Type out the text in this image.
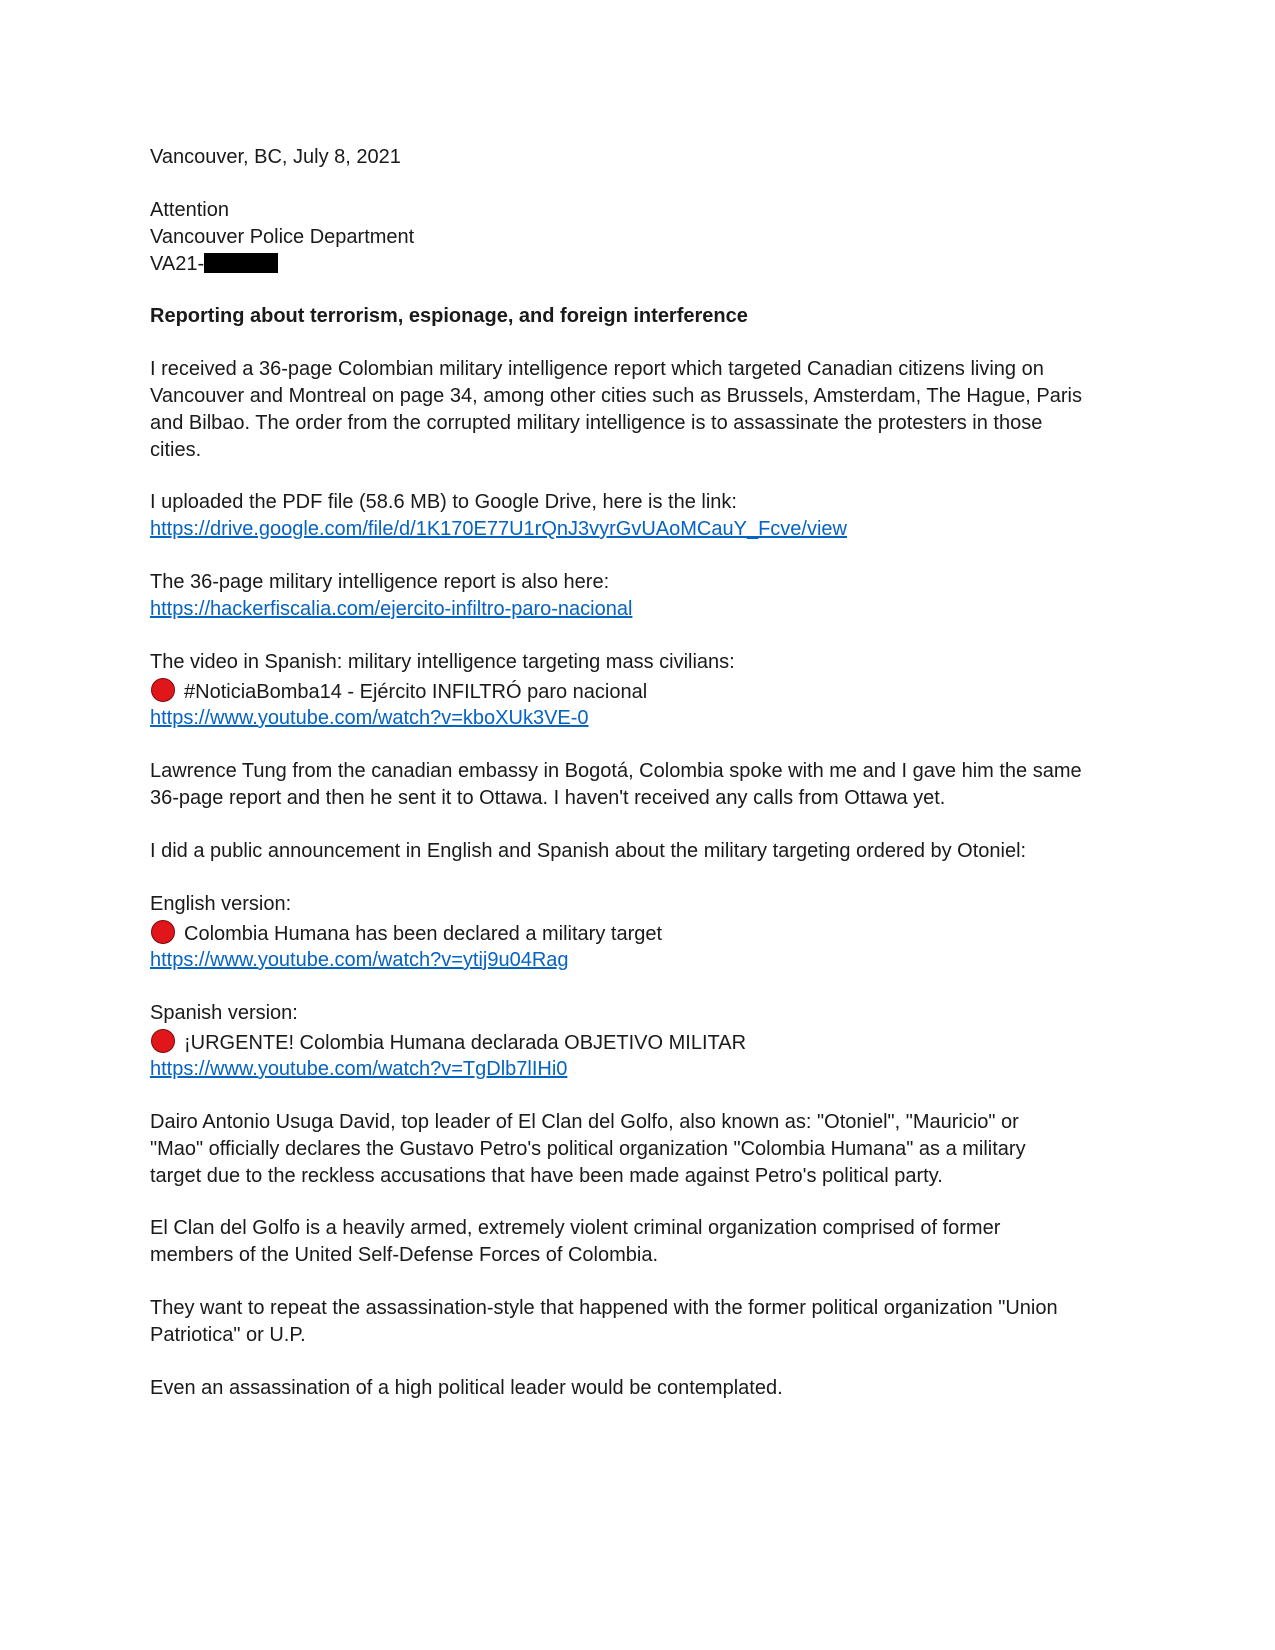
Vancouver, BC, July 8, 2021

Attention

Vancouver Police Department

VA21-

Reporting about terrorism, espionage, and foreign interference

I received a 36-page Colombian military intelligence report which targeted Canadian citizens living on

Vancouver and Montreal on page 34, among other cities such as Brussels, Amsterdam, The Hague, Paris

and Bilbao. The order from the corrupted military intelligence is to assassinate the protesters in those

cities.

I uploaded the PDF file (58.6 MB) to Google Drive, here is the link:

https://drive.google.com/file/d/1K170E77U1rQnJ3vyrGvUAoMCauY_Fcve/view

The 36-page military intelligence report is also here:

https://hackerfiscalia.com/ejercito-infiltro-paro-nacional

The video in Spanish: military intelligence targeting mass civilians:

#NoticiaBomba14 - Ejército INFILTRÓ paro nacional

https://www.youtube.com/watch?v=kboXUk3VE-0

Lawrence Tung from the canadian embassy in Bogotá, Colombia spoke with me and I gave him the same

36-page report and then he sent it to Ottawa. I haven't received any calls from Ottawa yet.

I did a public announcement in English and Spanish about the military targeting ordered by Otoniel:

English version:

Colombia Humana has been declared a military target

https://www.youtube.com/watch?v=ytij9u04Rag

Spanish version:

¡URGENTE! Colombia Humana declarada OBJETIVO MILITAR

https://www.youtube.com/watch?v=TgDlb7lIHi0

Dairo Antonio Usuga David, top leader of El Clan del Golfo, also known as: "Otoniel", "Mauricio" or

"Mao" officially declares the Gustavo Petro's political organization "Colombia Humana" as a military

target due to the reckless accusations that have been made against Petro's political party.

El Clan del Golfo is a heavily armed, extremely violent criminal organization comprised of former

members of the United Self-Defense Forces of Colombia.

They want to repeat the assassination-style that happened with the former political organization "Union

Patriotica" or U.P.

Even an assassination of a high political leader would be contemplated.
